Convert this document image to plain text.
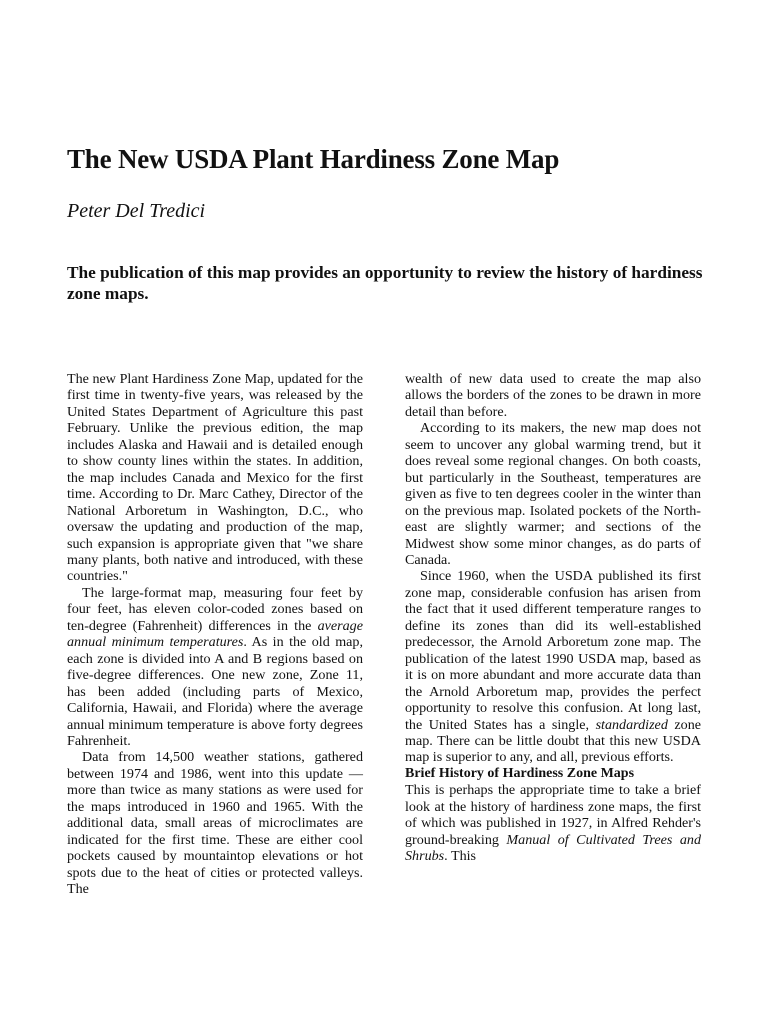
The New USDA Plant Hardiness Zone Map
Peter Del Tredici
The publication of this map provides an opportunity to review the history of hardiness zone maps.

The new Plant Hardiness Zone Map, updated for the first time in twenty-five years, was released by the United States Department of Agriculture this past February. Unlike the previous edition, the map includes Alaska and Hawaii and is detailed enough to show county lines within the states. In addition, the map includes Canada and Mexico for the first time. According to Dr. Marc Cathey, Director of the National Arboretum in Washington, D.C., who oversaw the updating and production of the map, such expansion is appropriate given that "we share many plants, both native and introduced, with these countries."

The large-format map, measuring four feet by four feet, has eleven color-coded zones based on ten-degree (Fahrenheit) differences in the average annual minimum temperatures. As in the old map, each zone is divided into A and B regions based on five-degree differences. One new zone, Zone 11, has been added (including parts of Mexico, California, Hawaii, and Florida) where the average annual minimum temperature is above forty degrees Fahrenheit.

Data from 14,500 weather stations, gathered between 1974 and 1986, went into this update —more than twice as many stations as were used for the maps introduced in 1960 and 1965. With the additional data, small areas of microclimates are indicated for the first time. These are either cool pockets caused by mountaintop elevations or hot spots due to the heat of cities or protected valleys. The

wealth of new data used to create the map also allows the borders of the zones to be drawn in more detail than before.

According to its makers, the new map does not seem to uncover any global warming trend, but it does reveal some regional changes. On both coasts, but particularly in the Southeast, temperatures are given as five to ten degrees cooler in the winter than on the previous map. Isolated pockets of the Northeast are slightly warmer; and sections of the Midwest show some minor changes, as do parts of Canada.

Since 1960, when the USDA published its first zone map, considerable confusion has arisen from the fact that it used different temperature ranges to define its zones than did its well-established predecessor, the Arnold Arboretum zone map. The publication of the latest 1990 USDA map, based as it is on more abundant and more accurate data than the Arnold Arboretum map, provides the perfect opportunity to resolve this confusion. At long last, the United States has a single, standardized zone map. There can be little doubt that this new USDA map is superior to any, and all, previous efforts.

Brief History of Hardiness Zone Maps

This is perhaps the appropriate time to take a brief look at the history of hardiness zone maps, the first of which was published in 1927, in Alfred Rehder's ground-breaking Manual of Cultivated Trees and Shrubs. This
